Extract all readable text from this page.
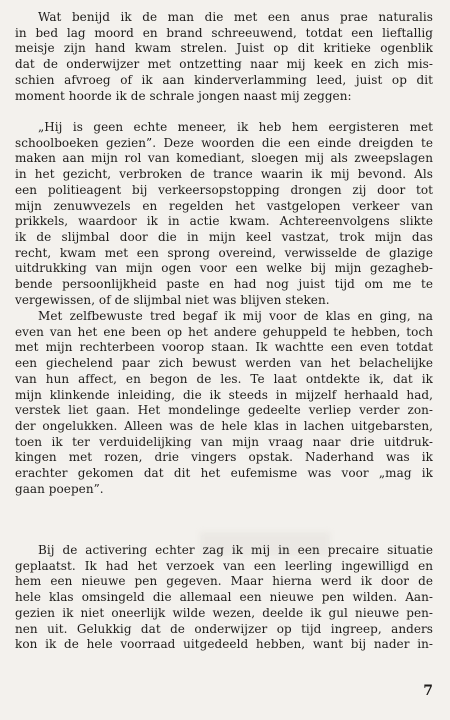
Wat benijd ik de man die met een anus prae naturalis
in bed lag moord en brand schreeuwend, totdat een lieftallig
meisje zijn hand kwam strelen. Juist op dit kritieke ogenblik
dat de onderwijzer met ontzetting naar mij keek en zich mis-
schien afvroeg of ik aan kinderverlamming leed, juist op dit
moment hoorde ik de schrale jongen naast mij zeggen:
„Hij is geen echte meneer, ik heb hem eergisteren met
schoolboeken gezien”. Deze woorden die een einde dreigden te
maken aan mijn rol van komediant, sloegen mij als zweepslagen
in het gezicht, verbroken de trance waarin ik mij bevond. Als
een politieagent bij verkeersopstopping drongen zij door tot
mijn zenuwvezels en regelden het vastgelopen verkeer van
prikkels, waardoor ik in actie kwam. Achtereenvolgens slikte
ik de slijmbal door die in mijn keel vastzat, trok mijn das
recht, kwam met een sprong overeind, verwisselde de glazige
uitdrukking van mijn ogen voor een welke bij mijn gezagheb-
bende persoonlijkheid paste en had nog juist tijd om me te
vergewissen, of de slijmbal niet was blijven steken.
Met zelfbewuste tred begaf ik mij voor de klas en ging, na
even van het ene been op het andere gehuppeld te hebben, toch
met mijn rechterbeen voorop staan. Ik wachtte een even totdat
een giechelend paar zich bewust werden van het belachelijke
van hun affect, en begon de les. Te laat ontdekte ik, dat ik
mijn klinkende inleiding, die ik steeds in mijzelf herhaald had,
verstek liet gaan. Het mondelinge gedeelte verliep verder zon-
der ongelukken. Alleen was de hele klas in lachen uitgebarsten,
toen ik ter verduidelijking van mijn vraag naar drie uitdruk-
kingen met rozen, drie vingers opstak. Naderhand was ik
erachter gekomen dat dit het eufemisme was voor „mag ik
gaan poepen”.
Bij de activering echter zag ik mij in een precaire situatie
geplaatst. Ik had het verzoek van een leerling ingewilligd en
hem een nieuwe pen gegeven. Maar hierna werd ik door de
hele klas omsingeld die allemaal een nieuwe pen wilden. Aan-
gezien ik niet oneerlijk wilde wezen, deelde ik gul nieuwe pen-
nen uit. Gelukkig dat de onderwijzer op tijd ingreep, anders
kon ik de hele voorraad uitgedeeld hebben, want bij nader in-
7
